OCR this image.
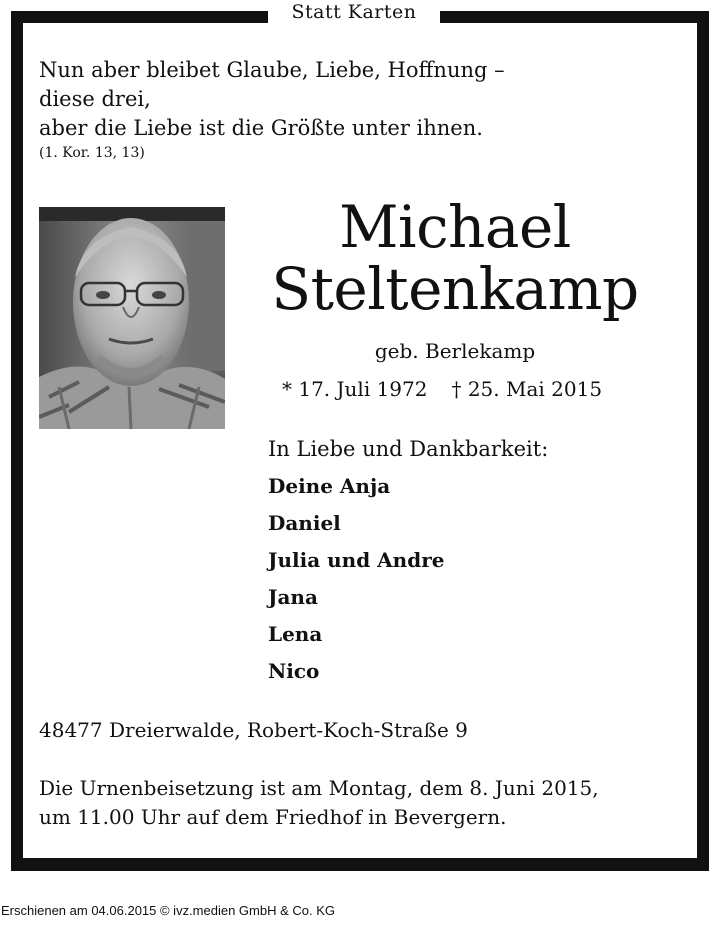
Statt Karten
Nun aber bleibet Glaube, Liebe, Hoffnung –
diese drei,
aber die Liebe ist die Größte unter ihnen.
(1. Kor. 13, 13)
Michael
Steltenkamp
geb. Berlekamp
* 17. Juli 1972 † 25. Mai 2015
In Liebe und Dankbarkeit:
Deine Anja
Daniel
Julia und Andre
Jana
Lena
Nico
48477 Dreierwalde, Robert-Koch-Straße 9
Die Urnenbeisetzung ist am Montag, dem 8. Juni 2015,
um 11.00 Uhr auf dem Friedhof in Bevergern.
Erschienen am 04.06.2015 © ivz.medien GmbH & Co. KG
